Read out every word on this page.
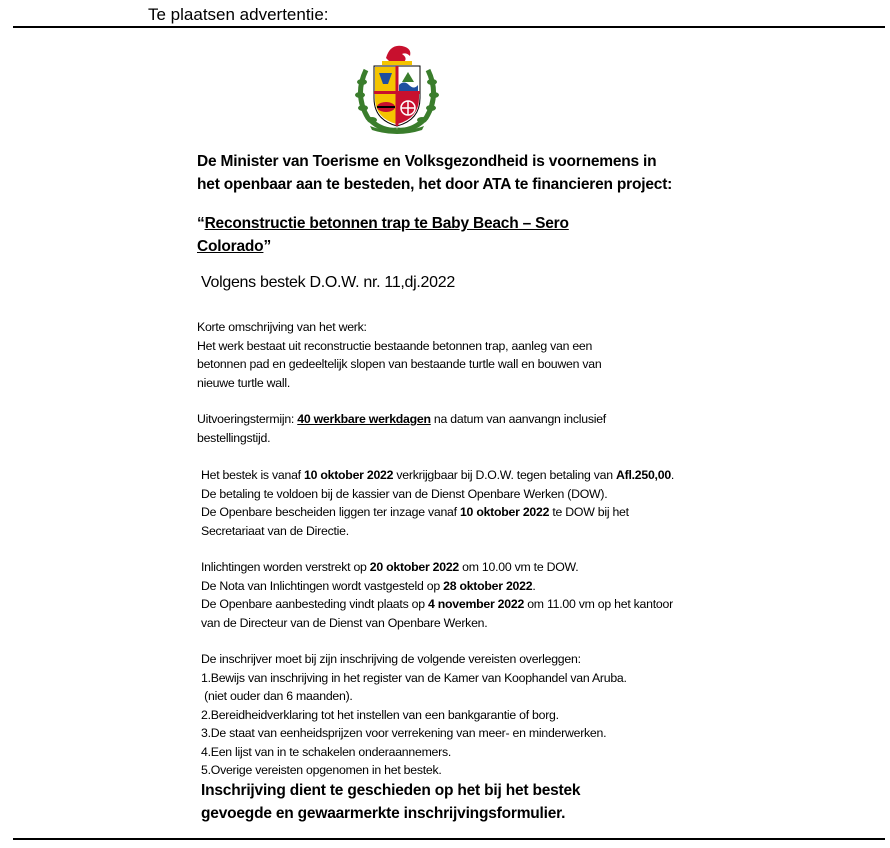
Te plaatsen advertentie:
De Minister van Toerisme en Volksgezondheid is voornemens in
het openbaar aan te besteden, het door ATA te financieren project:
“Reconstructie betonnen trap te Baby Beach – Sero
Colorado”
Volgens bestek D.O.W. nr. 11,dj.2022
Korte omschrijving van het werk:
Het werk bestaat uit reconstructie bestaande betonnen trap, aanleg van een
betonnen pad en gedeeltelijk slopen van bestaande turtle wall en bouwen van
nieuwe turtle wall.
Uitvoeringstermijn: 40 werkbare werkdagen na datum van aanvangn inclusief
bestellingstijd.
Het bestek is vanaf 10 oktober 2022 verkrijgbaar bij D.O.W. tegen betaling van Afl.250,00.
De betaling te voldoen bij de kassier van de Dienst Openbare Werken (DOW).
De Openbare bescheiden liggen ter inzage vanaf 10 oktober 2022 te DOW bij het
Secretariaat van de Directie.
Inlichtingen worden verstrekt op 20 oktober 2022 om 10.00 vm te DOW.
De Nota van Inlichtingen wordt vastgesteld op 28 oktober 2022.
De Openbare aanbesteding vindt plaats op 4 november 2022 om 11.00 vm op het kantoor
van de Directeur van de Dienst van Openbare Werken.
De inschrijver moet bij zijn inschrijving de volgende vereisten overleggen:
1.Bewijs van inschrijving in het register van de Kamer van Koophandel van Aruba.
(niet ouder dan 6 maanden).
2.Bereidheidverklaring tot het instellen van een bankgarantie of borg.
3.De staat van eenheidsprijzen voor verrekening van meer- en minderwerken.
4.Een lijst van in te schakelen onderaannemers.
5.Overige vereisten opgenomen in het bestek.
Inschrijving dient te geschieden op het bij het bestek
gevoegde en gewaarmerkte inschrijvingsformulier.
